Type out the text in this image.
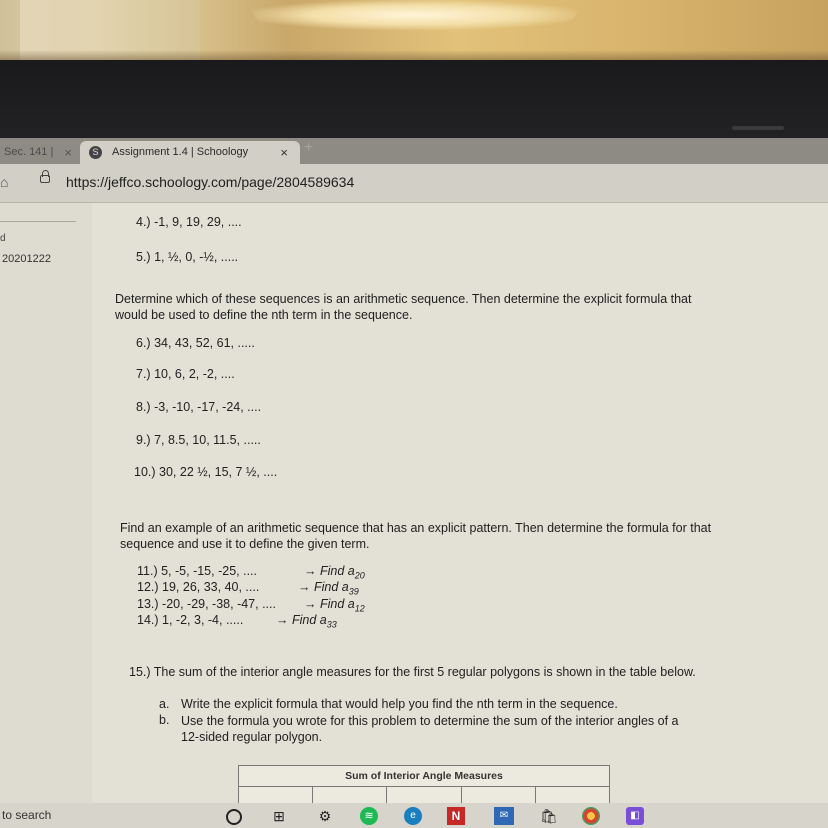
Sec. 141 | ×	S	Assignment 1.4 | Schoology × +
⌂	https://jeffco.schoology.com/page/2804589634
d
20201222
4.) -1, 9, 19, 29, ....
5.) 1, ½, 0, -½, .....
Determine which of these sequences is an arithmetic sequence. Then determine the explicit formula that
would be used to define the nth term in the sequence.
6.) 34, 43, 52, 61, .....
7.) 10, 6, 2, -2, ....
8.) -3, -10, -17, -24, ....
9.) 7, 8.5, 10, 11.5, .....
10.) 30, 22 ½, 15, 7 ½, ....
Find an example of an arithmetic sequence that has an explicit pattern. Then determine the formula for that
sequence and use it to define the given term.
11.) 5, -5, -15, -25, ....	→ Find $a_{20}$
12.) 19, 26, 33, 40, ....	→ Find $a_{39}$
13.) -20, -29, -38, -47, .... → Find $a_{12}$
14.) 1, -2, 3, -4, .....	→ Find $a_{33}$
15.) The sum of the interior angle measures for the first 5 regular polygons is shown in the table below.
a. Write the explicit formula that would help you find the nth term in the sequence.
b. Use the formula you wrote for this problem to determine the sum of the interior angles of a
12-sided regular polygon.
Sum of Interior Angle Measures
to search	⊞ ⚙	≋	e	N	✉	🛍	◧
